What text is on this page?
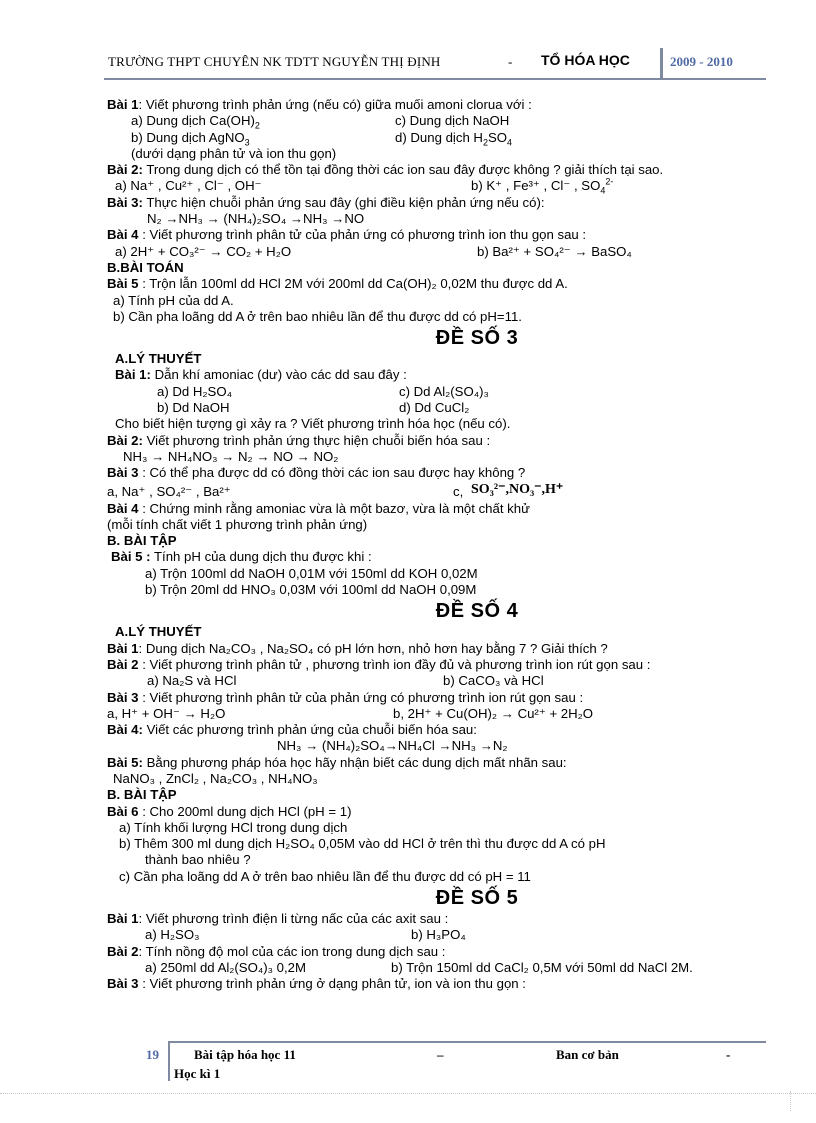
TRƯỜNG THPT CHUYÊN NK TDTT NGUYỄN THỊ ĐỊNH	- TỔ HÓA HỌC	2009 - 2010
Bài 1: Viết phương trình phản ứng (nếu có) giữa muối amoni clorua với :
a) Dung dịch $Ca(OH)_2$	c) Dung dịch NaOH
b) Dung dịch AgNO$_3$	d) Dung dịch $H_2SO_4$
(dưới dạng phân tử và ion thu gọn)
Bài 2: Trong dung dịch có thể tồn tại đồng thời các ion sau đây được không ? giải thích tại sao.
a) Na⁺ , Cu²⁺ , Cl⁻ , OH⁻	b) K⁺ , Fe³⁺ , Cl⁻ , $SO_4^{2-}$
Bài 3: Thực hiện chuỗi phản ứng sau đây (ghi điều kiện phản ứng nếu có):
N₂ →NH₃ → (NH₄)₂SO₄ →NH₃ →NO
Bài 4 : Viết phương trình phân tử của phản ứng có phương trình ion thu gọn sau :
a) 2H⁺ + CO₃²⁻ → CO₂ + H₂O	b) Ba²⁺ + SO₄²⁻ → BaSO₄
B.BÀI TOÁN
Bài 5 : Trộn lẫn 100ml dd HCl 2M với 200ml dd Ca(OH)₂ 0,02M thu được dd A.
a) Tính pH của dd A.
b) Cần pha loãng dd A ở trên bao nhiêu lần để thu được dd có pH=11.
ĐỀ SỐ 3
A.LÝ THUYẾT
Bài 1: Dẫn khí amoniac (dư) vào các dd sau đây :
a) Dd H₂SO₄	c) Dd Al₂(SO₄)₃
b) Dd NaOH	d) Dd CuCl₂
Cho biết hiện tượng gì xảy ra ? Viết phương trình hóa học (nếu có).
Bài 2: Viết phương trình phản ứng thực hiện chuỗi biến hóa sau :
NH₃ → NH₄NO₃ → N₂ → NO → NO₂
Bài 3 : Có thể pha được dd có đồng thời các ion sau được hay không ?
a, Na⁺ , SO₄²⁻ , Ba²⁺	c, SO₃²⁻,NO₃⁻,H⁺
Bài 4 : Chứng minh rằng amoniac vừa là một bazơ, vừa là một chất khử
(mỗi tính chất viết 1 phương trình phản ứng)
B. BÀI TẬP
Bài 5 : Tính pH của dung dịch thu được khi :
a) Trộn 100ml dd NaOH 0,01M với 150ml dd KOH 0,02M
b) Trộn 20ml dd HNO₃ 0,03M với 100ml dd NaOH 0,09M
ĐỀ SỐ 4
A.LÝ THUYẾT
Bài 1: Dung dịch Na₂CO₃ , Na₂SO₄ có pH lớn hơn, nhỏ hơn hay bằng 7 ? Giải thích ?
Bài 2 : Viết phương trình phân tử , phương trình ion đầy đủ và phương trình ion rút gọn sau :
a) Na₂S và HCl	b) CaCO₃ và HCl
Bài 3 : Viết phương trình phân tử của phản ứng có phương trình ion rút gọn sau :
a, H⁺ + OH⁻ → H₂O	b, 2H⁺ + Cu(OH)₂ → Cu²⁺ + 2H₂O
Bài 4: Viết các phương trình phản ứng của chuỗi biến hóa sau:
NH₃ → (NH₄)₂SO₄→NH₄Cl →NH₃ →N₂
Bài 5: Bằng phương pháp hóa học hãy nhận biết các dung dịch mất nhãn sau:
NaNO₃ , ZnCl₂ , Na₂CO₃ , NH₄NO₃
B. BÀI TẬP
Bài 6 : Cho 200ml dung dịch HCl (pH = 1)
a) Tính khối lượng HCl trong dung dịch
b) Thêm 300 ml dung dịch H₂SO₄ 0,05M vào dd HCl ở trên thì thu được dd A có pH
thành bao nhiêu ?
c) Cần pha loãng dd A ở trên bao nhiêu lần để thu được dd có pH = 11
ĐỀ SỐ 5
Bài 1: Viết phương trình điện li từng nấc của các axit sau :
a) H₂SO₃	b) H₃PO₄
Bài 2: Tính nồng độ mol của các ion trong dung dịch sau :
a) 250ml dd Al₂(SO₄)₃ 0,2M	b) Trộn 150ml dd CaCl₂ 0,5M với 50ml dd NaCl 2M.
Bài 3 : Viết phương trình phản ứng ở dạng phân tử, ion và ion thu gọn :
19	Bài tập hóa học 11	–	Ban cơ bản	-
Học kì 1
